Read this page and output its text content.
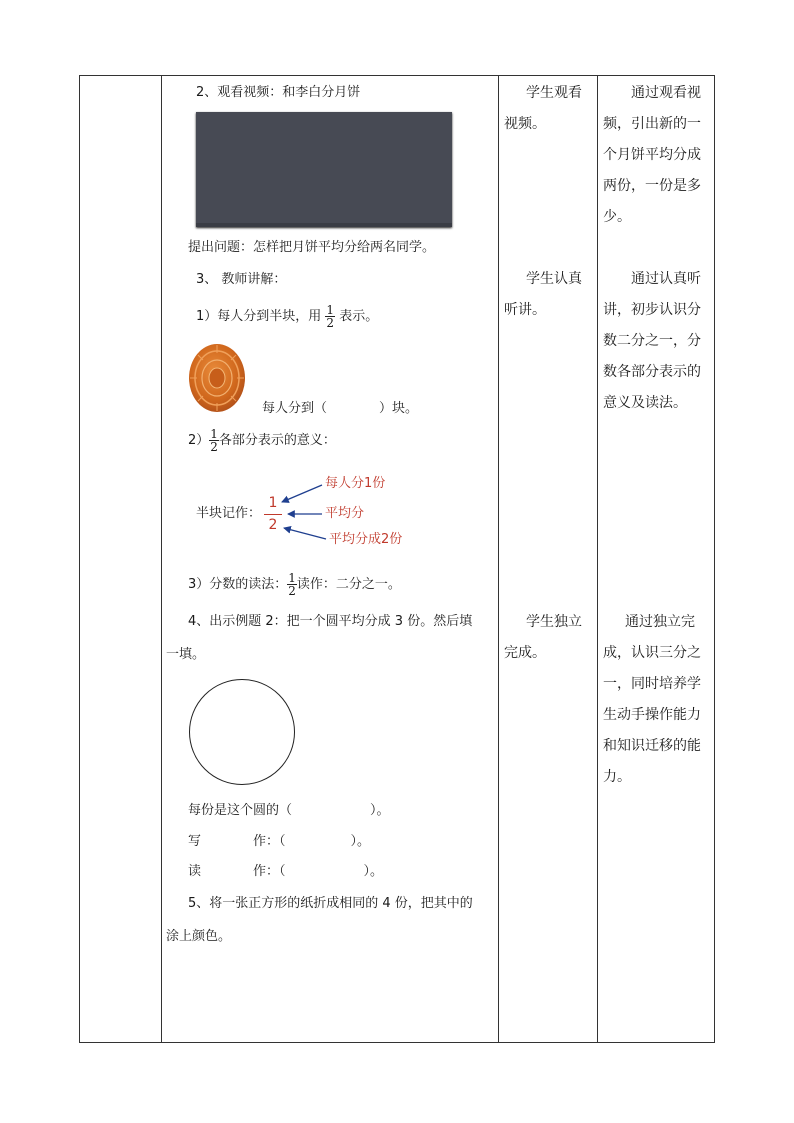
2、观看视频：和李白分月饼
提出问题：怎样把月饼平均分给两名同学。
3、 教师讲解：
1）每人分到半块，用 $\frac{1}{2}$ 表示。
每人分到（　　　　）块。
$2) \frac{1}{2}$ 各部分表示的意义：
半块记作：
1
2
每人分1份
平均分
平均分成2份
3）分数的读法： $\frac{1}{2}$ 读作：二分之一。
4、出示例题 2：把一个圆平均分成 3 份。然后填
一填。
每份是这个圆的（　　　　　　）。
写　　　　作：（　　　　　）。
读　　　　作：（　　　　　　）。
5、将一张正方形的纸折成相同的 4 份，把其中的
涂上颜色。
学生观看
视频。
学生认真
听讲。
学生独立
完成。
通过观看视
频，引出新的一
个月饼平均分成
两份，一份是多
少。
通过认真听
讲，初步认识分
数二分之一，分
数各部分表示的
意义及读法。
通过独立完
成，认识三分之
一，同时培养学
生动手操作能力
和知识迁移的能
力。
